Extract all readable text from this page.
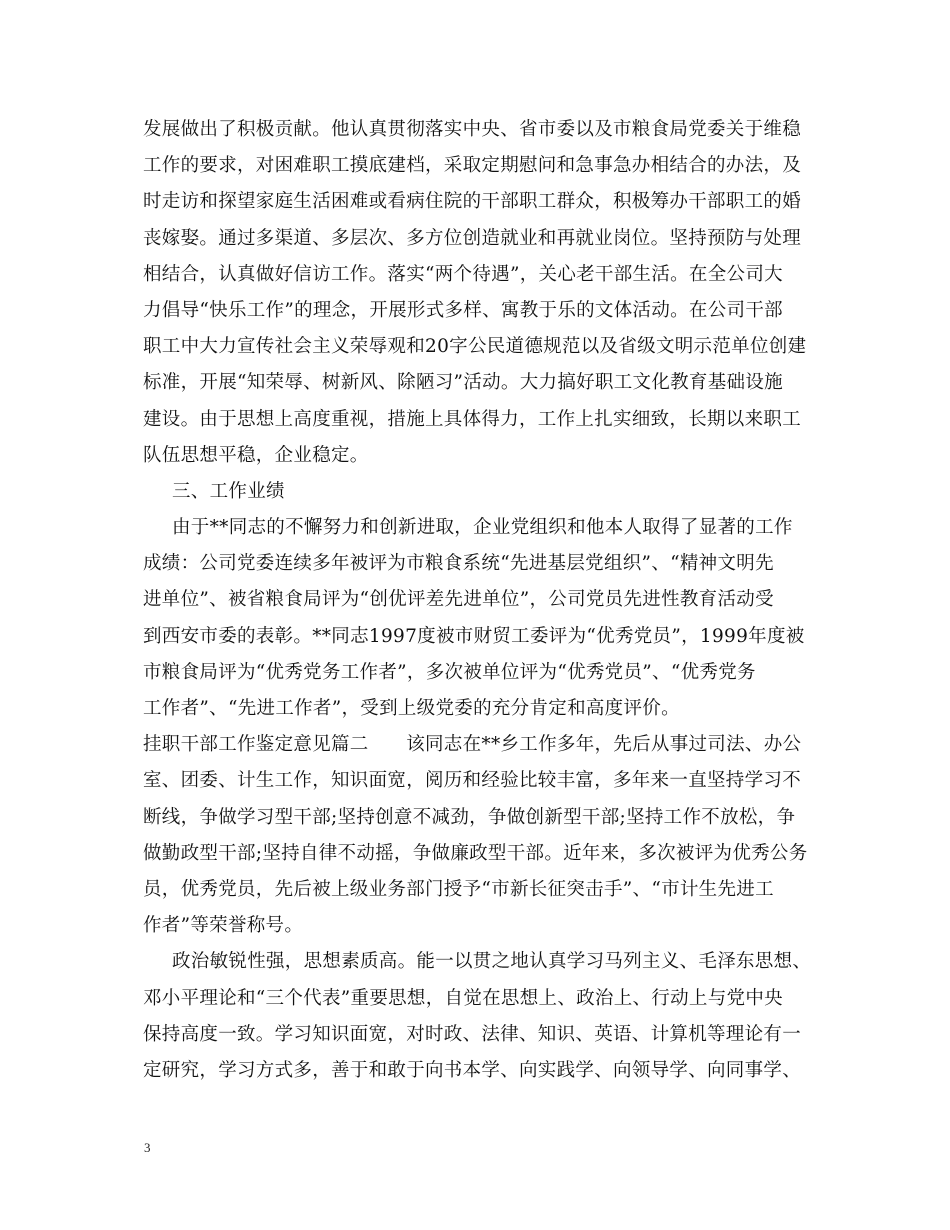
发展做出了积极贡献。他认真贯彻落实中央、省市委以及市粮食局党委关于维稳
工作的要求，对困难职工摸底建档，采取定期慰问和急事急办相结合的办法，及
时走访和探望家庭生活困难或看病住院的干部职工群众，积极筹办干部职工的婚
丧嫁娶。通过多渠道、多层次、多方位创造就业和再就业岗位。坚持预防与处理
相结合，认真做好信访工作。落实“两个待遇”，关心老干部生活。在全公司大
力倡导“快乐工作”的理念，开展形式多样、寓教于乐的文体活动。在公司干部
职工中大力宣传社会主义荣辱观和20字公民道德规范以及省级文明示范单位创建
标准，开展“知荣辱、树新风、除陋习”活动。大力搞好职工文化教育基础设施
建设。由于思想上高度重视，措施上具体得力，工作上扎实细致，长期以来职工
队伍思想平稳，企业稳定。
三、工作业绩
由于**同志的不懈努力和创新进取，企业党组织和他本人取得了显著的工作
成绩：公司党委连续多年被评为市粮食系统“先进基层党组织”、“精神文明先
进单位”、被省粮食局评为“创优评差先进单位”，公司党员先进性教育活动受
到西安市委的表彰。**同志1997度被市财贸工委评为“优秀党员”，1999年度被
市粮食局评为“优秀党务工作者”，多次被单位评为“优秀党员”、“优秀党务
工作者”、“先进工作者”，受到上级党委的充分肯定和高度评价。
挂职干部工作鉴定意见篇二　　该同志在**乡工作多年，先后从事过司法、办公
室、团委、计生工作，知识面宽，阅历和经验比较丰富，多年来一直坚持学习不
断线，争做学习型干部;坚持创意不减劲，争做创新型干部;坚持工作不放松，争
做勤政型干部;坚持自律不动摇，争做廉政型干部。近年来，多次被评为优秀公务
员，优秀党员，先后被上级业务部门授予“市新长征突击手”、“市计生先进工
作者”等荣誉称号。
政治敏锐性强，思想素质高。能一以贯之地认真学习马列主义、毛泽东思想、
邓小平理论和“三个代表”重要思想，自觉在思想上、政治上、行动上与党中央
保持高度一致。学习知识面宽，对时政、法律、知识、英语、计算机等理论有一
定研究，学习方式多，善于和敢于向书本学、向实践学、向领导学、向同事学、
3
